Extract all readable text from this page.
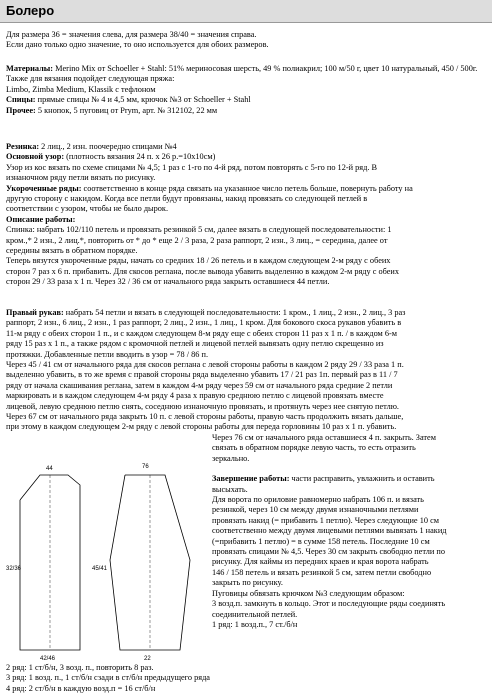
Болеро

Для размера 36 = значения слева, для размера 38/40 = значения справа.

Если дано только одно значение, то оно используется для обоих размеров.

Материалы: Merino Mix от Schoeller + Stahl: 51% мериносовая шерсть, 49 % полиакрил; 100 м/50 г, цвет 10 натуральный, 450 / 500г.

Также для вязания подойдет следующая пряжа:

Limbo, Zimba Medium, Klassik с тефлоном

Спицы: прямые спицы № 4 и 4,5 мм, крючок №3 от Schoeller + Stahl

Прочее: 5 кнопок, 5 пуговиц от Prym, арт. № 312102, 22 мм

Резинка: 2 лиц., 2 изн. поочередно спицами №4

Основной узор: (плотность вязания 24 п. х 26 р.=10х10см)

Узор из кос вязать по схеме спицами № 4,5; 1 раз с 1-го по 4-й ряд, потом повторять с 5-го по 12-й ряд. В

изнаночном ряду петли вязать по рисунку.

Укороченные ряды: соответственно в конце ряда связать на указанное число петель больше, повернуть работу на

другую сторону с накидом. Когда все петли будут провязаны, накид провязать со следующей петлей в

соответствии с узором, чтобы не было дырок.

Описание работы:

Спинка: набрать 102/110 петель и провязать резинкой 5 см, далее вязать в следующей последовательности: 1

кром.,* 2 изн., 2 лиц.*, повторить от * до * еще 2 / 3 раза, 2 раза раппорт, 2 изн., 3 лиц., = середина, далее от

середины вязать в обратном порядке.

Теперь вязутся укороченные ряды, начать со средних 18 / 26 петель и в каждом следующем 2-м ряду с обеих

сторон 7 раз х 6 п. прибавить. Для скосов реглана, после вывода убавить выделенно в каждом 2-м ряду с обеих

сторон 29 / 33 раза х 1 п. Через 32 / 36 см от начального ряда закрыть оставшиеся 44 петли.

Правый рукав: набрать 54 петли и вязать в следующей последовательности: 1 кром., 1 лиц., 2 изн., 2 лиц., 3 раз

раппорт, 2 изн., 6 лиц., 2 изн., 1 раз раппорт, 2 лиц., 2 изн., 1 лиц., 1 кром. Для бокового скоса рукавов убавить в

11-м ряду с обеих сторон 1 п., и с каждом следующем 8-м ряду еще с обеих сторон 11 раз х 1 п. / в каждом 6-м

ряду 15 раз х 1 п., а также рядом с кромочной петлей и лицевой петлей вывязать одну петлю скрещенно из

протяжки. Добавленные петли вводить в узор = 78 / 86 п.

Через 45 / 41 см от начального ряда для скосов реглана с левой стороны работы в каждом 2 ряду 29 / 33 раза 1 п.

выделенно убавить, в то же время с правой стороны ряда выделенно убавить 17 / 21 раз 1п. первый раз в 11 / 7

ряду от начала скашивания реглана, затем в каждом 4-м ряду через 59 см от начального ряда средние 2 петли

маркировать и в каждом следующем 4-м ряду 4 раза х правую среднюю петлю с лицевой провязать вместе

лицевой, левую среднюю петлю снять, соседнюю изнаночную провязать, и протянуть через нее снятую петлю.

Через 67 см от начального ряда закрыть 10 п. с левой стороны работы, правую часть продолжить вязать дальше,

при этому в каждом следующем 2-м ряду с левой стороны работы для переда горловины 10 раз х 1 п. убавить.

Через 76 см от начального ряда оставшиеся 4 п. закрыть. Затем

связать в обратном порядке левую часть, то есть отразить

зеркально.

Завершение работы: части расправить, увлажнить и оставить

высыхать.

Для ворота по ориловие равномерно набрать 106 п. и вязать

резинкой, через 10 см между двумя изнаночными петлями

провязать накид (= прибавить 1 петлю). Через следующие 10 см

соответственно между двумя лицевыми петлями вывязать 1 накид

(=прибавить 1 петлю) = в сумме 158 петель. Последние 10 см

провязать спицами № 4,5. Через 30 см закрыть свободно петли по

рисунку. Для каймы из передних краев и края ворота набрать

146 / 158 петель и вязать резинкой 5 см, затем петли свободно

закрыть по рисунку.

Пуговицы обвязать крючком №3 следующим образом:

3 возд.п. замкнуть в кольцо. Этот и последующие ряды соединять

соединительной петлей.

1 ряд: 1 возд.п., 7 ст./б/н

44
32/36
42/46
76
45/41
22

2 ряд: 1 ст/б/н, 3 возд. п., повторить 8 раз.

3 ряд: 1 возд. п., 1 ст/б/н сзади в ст/б/н предыдущего ряда

4 ряд: 2 ст/б/н в каждую возд.п = 16 ст/б/н
